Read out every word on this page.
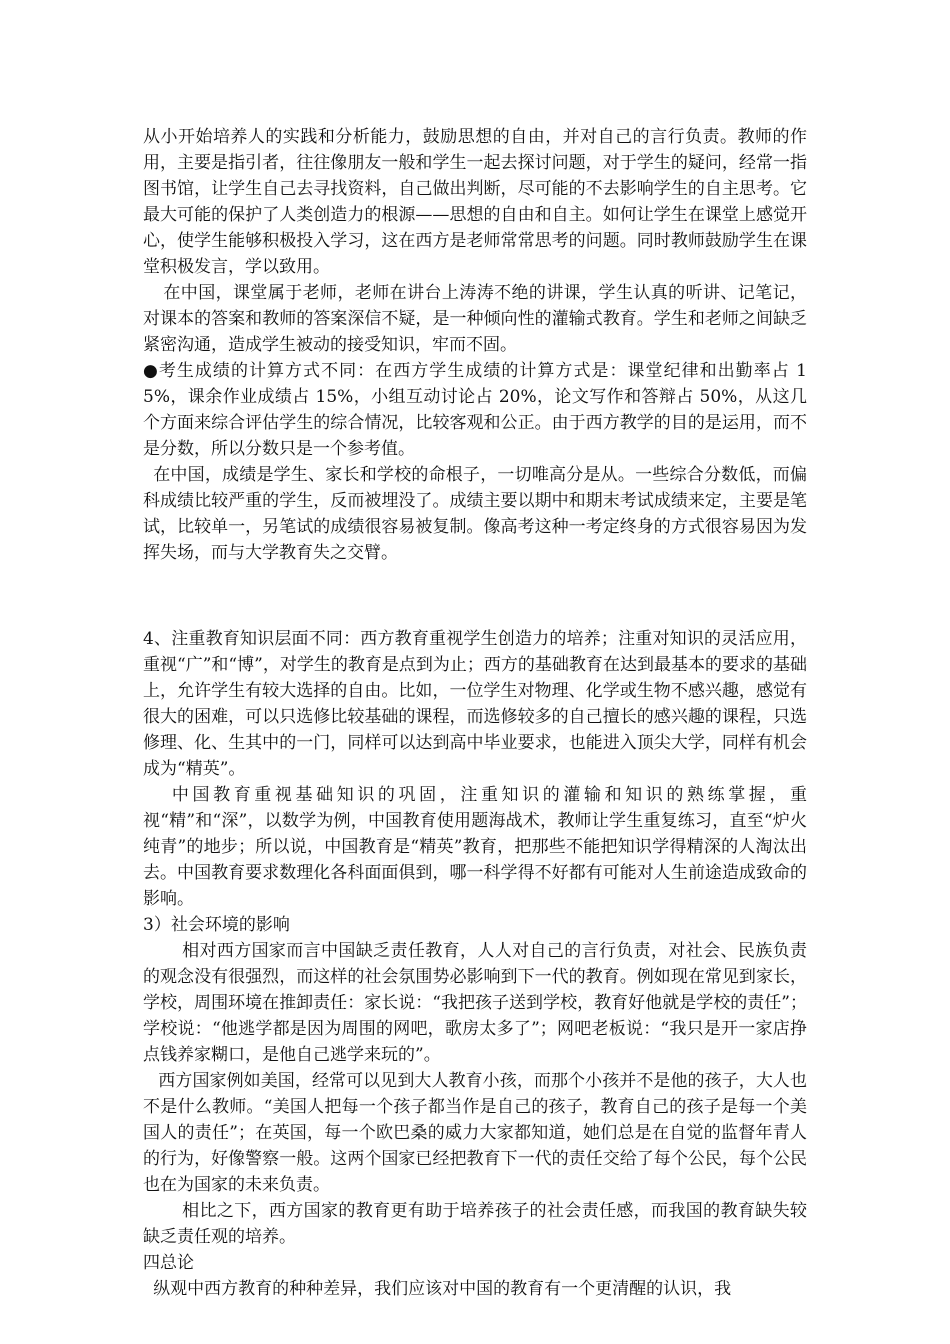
从小开始培养人的实践和分析能力，鼓励思想的自由，并对自己的言行负责。教师的作用，主要是指引者，往往像朋友一般和学生一起去探讨问题，对于学生的疑问，经常一指图书馆，让学生自己去寻找资料，自己做出判断，尽可能的不去影响学生的自主思考。它最大可能的保护了人类创造力的根源——思想的自由和自主。如何让学生在课堂上感觉开心，使学生能够积极投入学习，这在西方是老师常常思考的问题。同时教师鼓励学生在课堂积极发言，学以致用。

在中国，课堂属于老师，老师在讲台上涛涛不绝的讲课，学生认真的听讲、记笔记，对课本的答案和教师的答案深信不疑，是一种倾向性的灌输式教育。学生和老师之间缺乏紧密沟通，造成学生被动的接受知识，牢而不固。

●考生成绩的计算方式不同：在西方学生成绩的计算方式是：课堂纪律和出勤率占 15%，课余作业成绩占 15%，小组互动讨论占 20%，论文写作和答辩占 50%，从这几个方面来综合评估学生的综合情况，比较客观和公正。由于西方教学的目的是运用，而不是分数，所以分数只是一个参考值。

在中国，成绩是学生、家长和学校的命根子，一切唯高分是从。一些综合分数低，而偏科成绩比较严重的学生，反而被埋没了。成绩主要以期中和期末考试成绩来定，主要是笔试，比较单一，另笔试的成绩很容易被复制。像高考这种一考定终身的方式很容易因为发挥失场，而与大学教育失之交臂。

4、注重教育知识层面不同：西方教育重视学生创造力的培养；注重对知识的灵活应用，重视“广”和“博”，对学生的教育是点到为止；西方的基础教育在达到最基本的要求的基础上，允许学生有较大选择的自由。比如，一位学生对物理、化学或生物不感兴趣，感觉有很大的困难，可以只选修比较基础的课程，而选修较多的自己擅长的感兴趣的课程，只选修理、化、生其中的一门，同样可以达到高中毕业要求，也能进入顶尖大学，同样有机会成为“精英”。

中国教育重视基础知识的巩固，注重知识的灌输和知识的熟练掌握，重视“精”和“深”，以数学为例，中国教育使用题海战术，教师让学生重复练习，直至“炉火纯青”的地步；所以说，中国教育是“精英”教育，把那些不能把知识学得精深的人淘汰出去。中国教育要求数理化各科面面俱到，哪一科学得不好都有可能对人生前途造成致命的影响。

3）社会环境的影响

相对西方国家而言中国缺乏责任教育，人人对自己的言行负责，对社会、民族负责的观念没有很强烈，而这样的社会氛围势必影响到下一代的教育。例如现在常见到家长，学校，周围环境在推卸责任：家长说：“我把孩子送到学校，教育好他就是学校的责任”；学校说：“他逃学都是因为周围的网吧，歌房太多了”；网吧老板说：“我只是开一家店挣点钱养家糊口，是他自己逃学来玩的”。

西方国家例如美国，经常可以见到大人教育小孩，而那个小孩并不是他的孩子，大人也不是什么教师。“美国人把每一个孩子都当作是自己的孩子，教育自己的孩子是每一个美国人的责任”；在英国，每一个欧巴桑的威力大家都知道，她们总是在自觉的监督年青人的行为，好像警察一般。这两个国家已经把教育下一代的责任交给了每个公民，每个公民也在为国家的未来负责。

相比之下，西方国家的教育更有助于培养孩子的社会责任感，而我国的教育缺失较缺乏责任观的培养。

四总论

纵观中西方教育的种种差异，我们应该对中国的教育有一个更清醒的认识，我
